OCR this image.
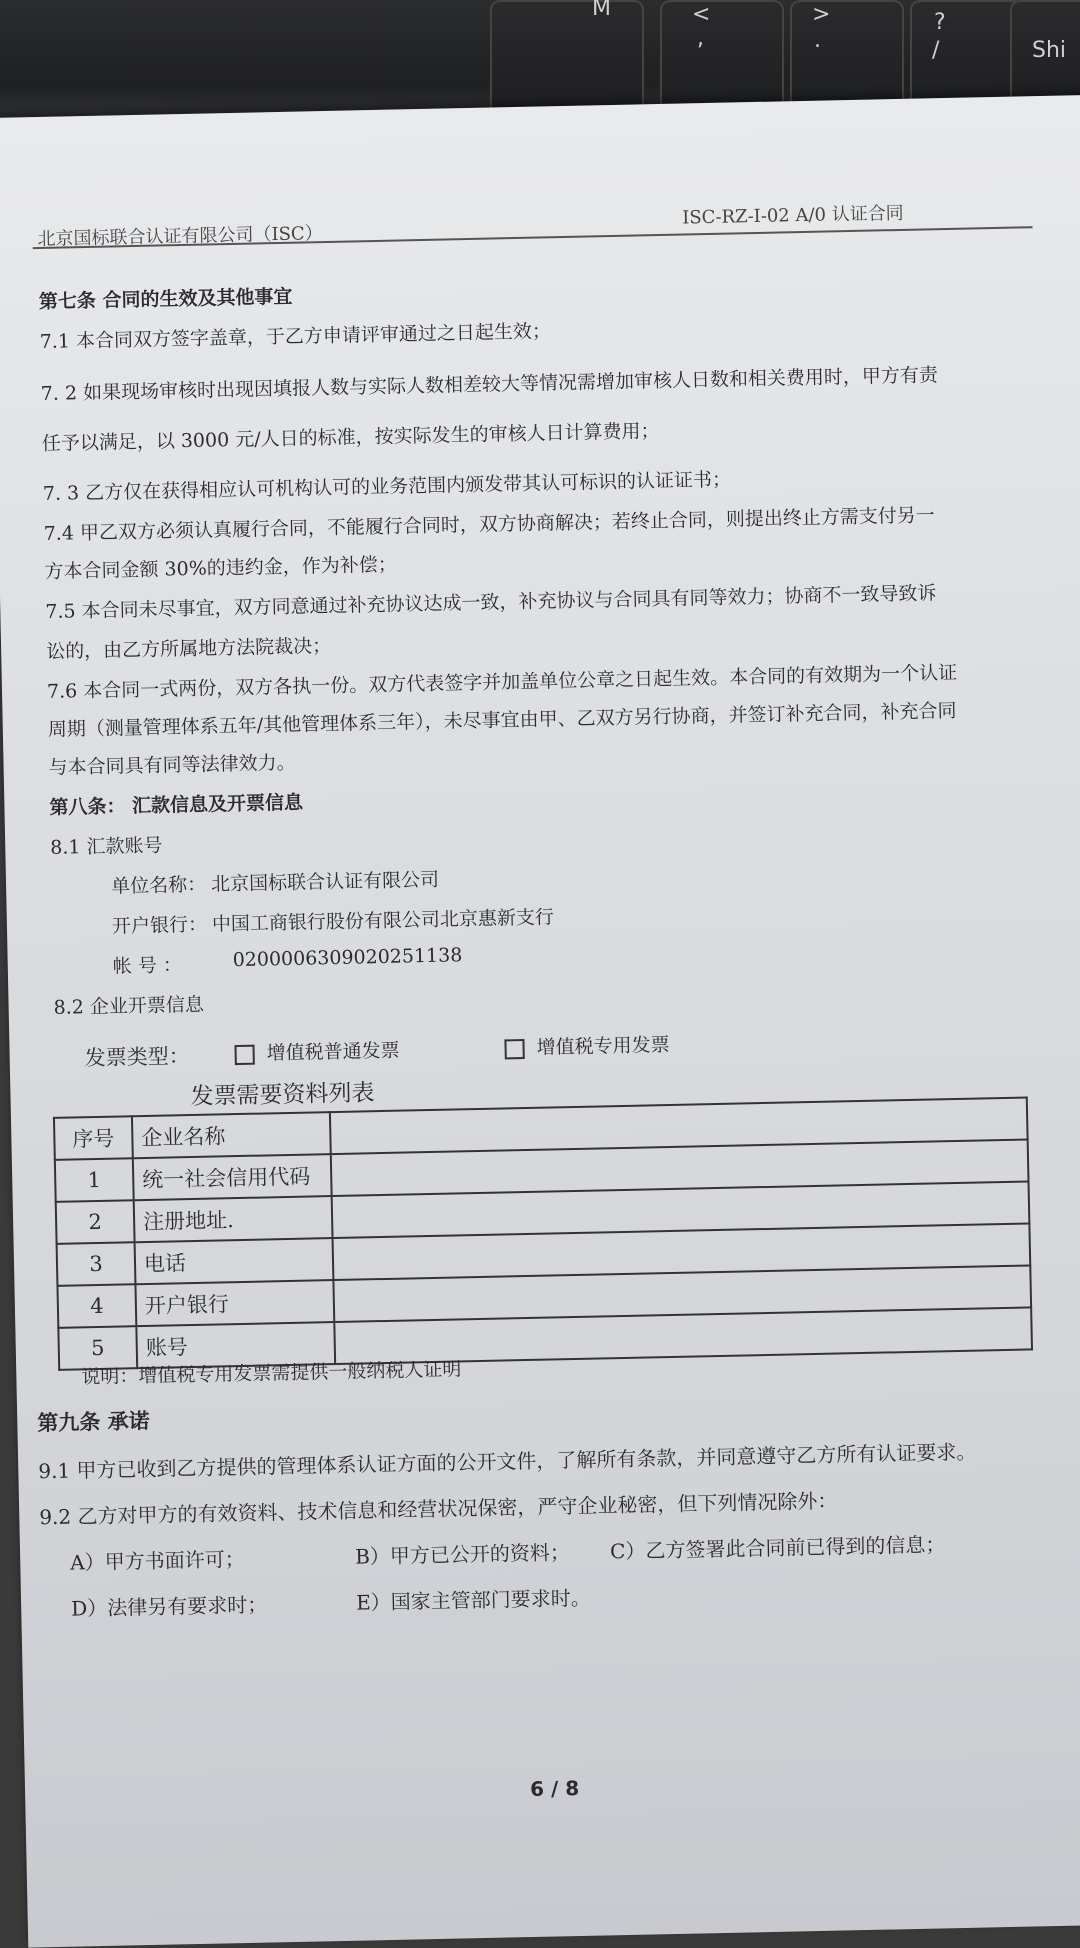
M	<
,
>
.
?
/	Shi
北京国标联合认证有限公司（ISC）
ISC-RZ-I-02 A/0 认证合同
第七条 合同的生效及其他事宜
7.1 本合同双方签字盖章，于乙方申请评审通过之日起生效；
7. 2 如果现场审核时出现因填报人数与实际人数相差较大等情况需增加审核人日数和相关费用时，甲方有责
任予以满足，以 3000 元/人日的标准，按实际发生的审核人日计算费用；
7. 3 乙方仅在获得相应认可机构认可的业务范围内颁发带其认可标识的认证证书；
7.4 甲乙双方必须认真履行合同，不能履行合同时，双方协商解决；若终止合同，则提出终止方需支付另一
方本合同金额 30%的违约金，作为补偿；
7.5 本合同未尽事宜，双方同意通过补充协议达成一致，补充协议与合同具有同等效力；协商不一致导致诉
讼的，由乙方所属地方法院裁决；
7.6 本合同一式两份，双方各执一份。双方代表签字并加盖单位公章之日起生效。本合同的有效期为一个认证
周期（测量管理体系五年/其他管理体系三年），未尽事宜由甲、乙双方另行协商，并签订补充合同，补充合同
与本合同具有同等法律效力。
第八条： 汇款信息及开票信息
8.1 汇款账号
单位名称： 北京国标联合认证有限公司
开户银行： 中国工商银行股份有限公司北京惠新支行
帐 号 ：	0200006309020251138
8.2 企业开票信息
发票类型：	增值税普通发票	增值税专用发票
发票需要资料列表
序号	企业名称	
1	统一社会信用代码	
2	注册地址.	
3	电话	
4	开户银行	
5	账号	
说明：增值税专用发票需提供一般纳税人证明
第九条 承诺
9.1 甲方已收到乙方提供的管理体系认证方面的公开文件，了解所有条款，并同意遵守乙方所有认证要求。
9.2 乙方对甲方的有效资料、技术信息和经营状况保密，严守企业秘密，但下列情况除外：
A）甲方书面许可；	B）甲方已公开的资料； C）乙方签署此合同前已得到的信息；
D）法律另有要求时；	E）国家主管部门要求时。
6 / 8
